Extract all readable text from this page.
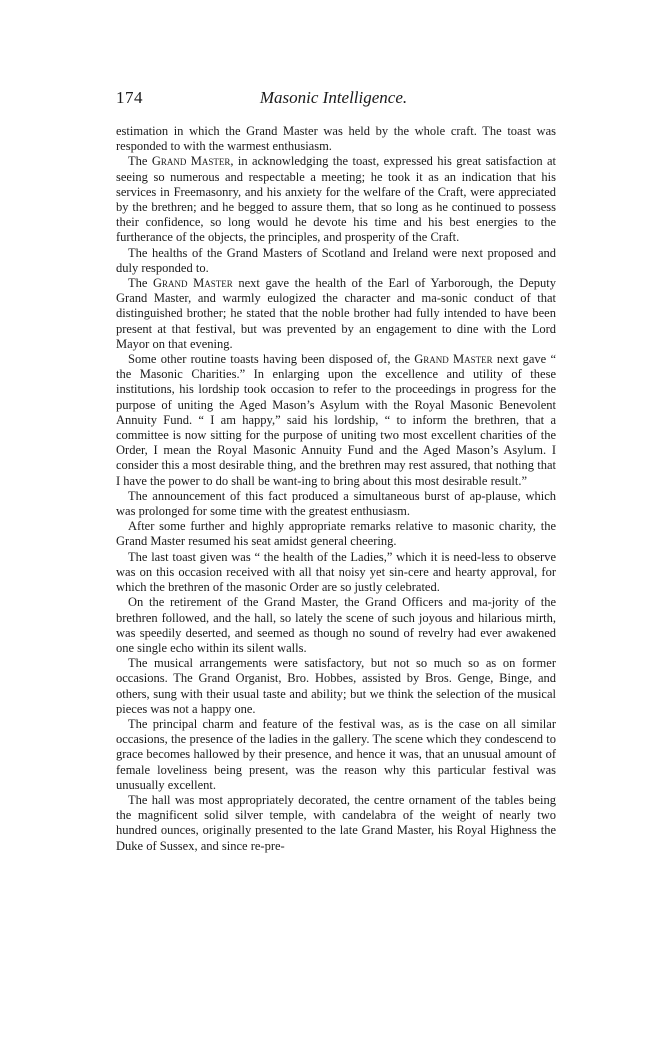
174	Masonic Intelligence.

estimation in which the Grand Master was held by the whole craft. The toast was responded to with the warmest enthusiasm.

The Grand Master, in acknowledging the toast, expressed his great satisfaction at seeing so numerous and respectable a meeting; he took it as an indication that his services in Freemasonry, and his anxiety for the welfare of the Craft, were appreciated by the brethren; and he begged to assure them, that so long as he continued to possess their confidence, so long would he devote his time and his best energies to the furtherance of the objects, the principles, and prosperity of the Craft.

The healths of the Grand Masters of Scotland and Ireland were next proposed and duly responded to.

The Grand Master next gave the health of the Earl of Yarborough, the Deputy Grand Master, and warmly eulogized the character and ma-sonic conduct of that distinguished brother; he stated that the noble brother had fully intended to have been present at that festival, but was prevented by an engagement to dine with the Lord Mayor on that evening.

Some other routine toasts having been disposed of, the Grand Master next gave “ the Masonic Charities.” In enlarging upon the excellence and utility of these institutions, his lordship took occasion to refer to the proceedings in progress for the purpose of uniting the Aged Mason’s Asylum with the Royal Masonic Benevolent Annuity Fund. “ I am happy,” said his lordship, “ to inform the brethren, that a committee is now sitting for the purpose of uniting two most excellent charities of the Order, I mean the Royal Masonic Annuity Fund and the Aged Mason’s Asylum. I consider this a most desirable thing, and the brethren may rest assured, that nothing that I have the power to do shall be want-ing to bring about this most desirable result.”

The announcement of this fact produced a simultaneous burst of ap-plause, which was prolonged for some time with the greatest enthusiasm.

After some further and highly appropriate remarks relative to masonic charity, the Grand Master resumed his seat amidst general cheering.

The last toast given was “ the health of the Ladies,” which it is need-less to observe was on this occasion received with all that noisy yet sin-cere and hearty approval, for which the brethren of the masonic Order are so justly celebrated.

On the retirement of the Grand Master, the Grand Officers and ma-jority of the brethren followed, and the hall, so lately the scene of such joyous and hilarious mirth, was speedily deserted, and seemed as though no sound of revelry had ever awakened one single echo within its silent walls.

The musical arrangements were satisfactory, but not so much so as on former occasions. The Grand Organist, Bro. Hobbes, assisted by Bros. Genge, Binge, and others, sung with their usual taste and ability; but we think the selection of the musical pieces was not a happy one.

The principal charm and feature of the festival was, as is the case on all similar occasions, the presence of the ladies in the gallery. The scene which they condescend to grace becomes hallowed by their presence, and hence it was, that an unusual amount of female loveliness being present, was the reason why this particular festival was unusually excellent.

The hall was most appropriately decorated, the centre ornament of the tables being the magnificent solid silver temple, with candelabra of the weight of nearly two hundred ounces, originally presented to the late Grand Master, his Royal Highness the Duke of Sussex, and since re-pre-
